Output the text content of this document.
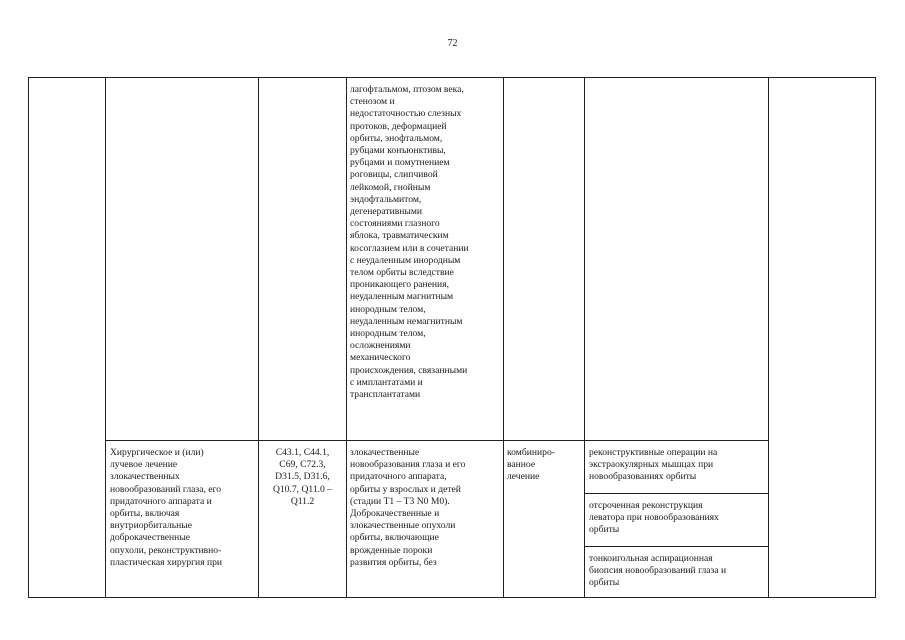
72
лагофтальмом, птозом века,
стенозом и
недостаточностью слезных
протоков, деформацией
орбиты, энофтальмом,
рубцами конъюнктивы,
рубцами и помутнением
роговицы, слипчивой
лейкомой, гнойным
эндофтальмитом,
дегенеративными
состояниями глазного
яблока, травматическим
косоглазием или в сочетании
с неудаленным инородным
телом орбиты вследствие
проникающего ранения,
неудаленным магнитным
инородным телом,
неудаленным немагнитным
инородным телом,
осложнениями
механического
происхождения, связанными
с имплантатами и
трансплантатами
Хирургическое и (или)
лучевое лечение
злокачественных
новообразований глаза, его
придаточного аппарата и
орбиты, включая
внутриорбитальные
доброкачественные
опухоли, реконструктивно-
пластическая хирургия при
C43.1, C44.1,
C69, C72.3,
D31.5, D31.6,
Q10.7, Q11.0 –
Q11.2
злокачественные
новообразования глаза и его
придаточного аппарата,
орбиты у взрослых и детей
(стадии T1 – T3 N0 M0).
Доброкачественные и
злокачественные опухоли
орбиты, включающие
врожденные пороки
развития орбиты, без
комбиниро-
ванное
лечение
реконструктивные операции на
экстраокулярных мышцах при
новообразованиях орбиты
отсроченная реконструкция
леватора при новообразованиях
орбиты
тонкоигольная аспирационная
биопсия новообразований глаза и
орбиты
